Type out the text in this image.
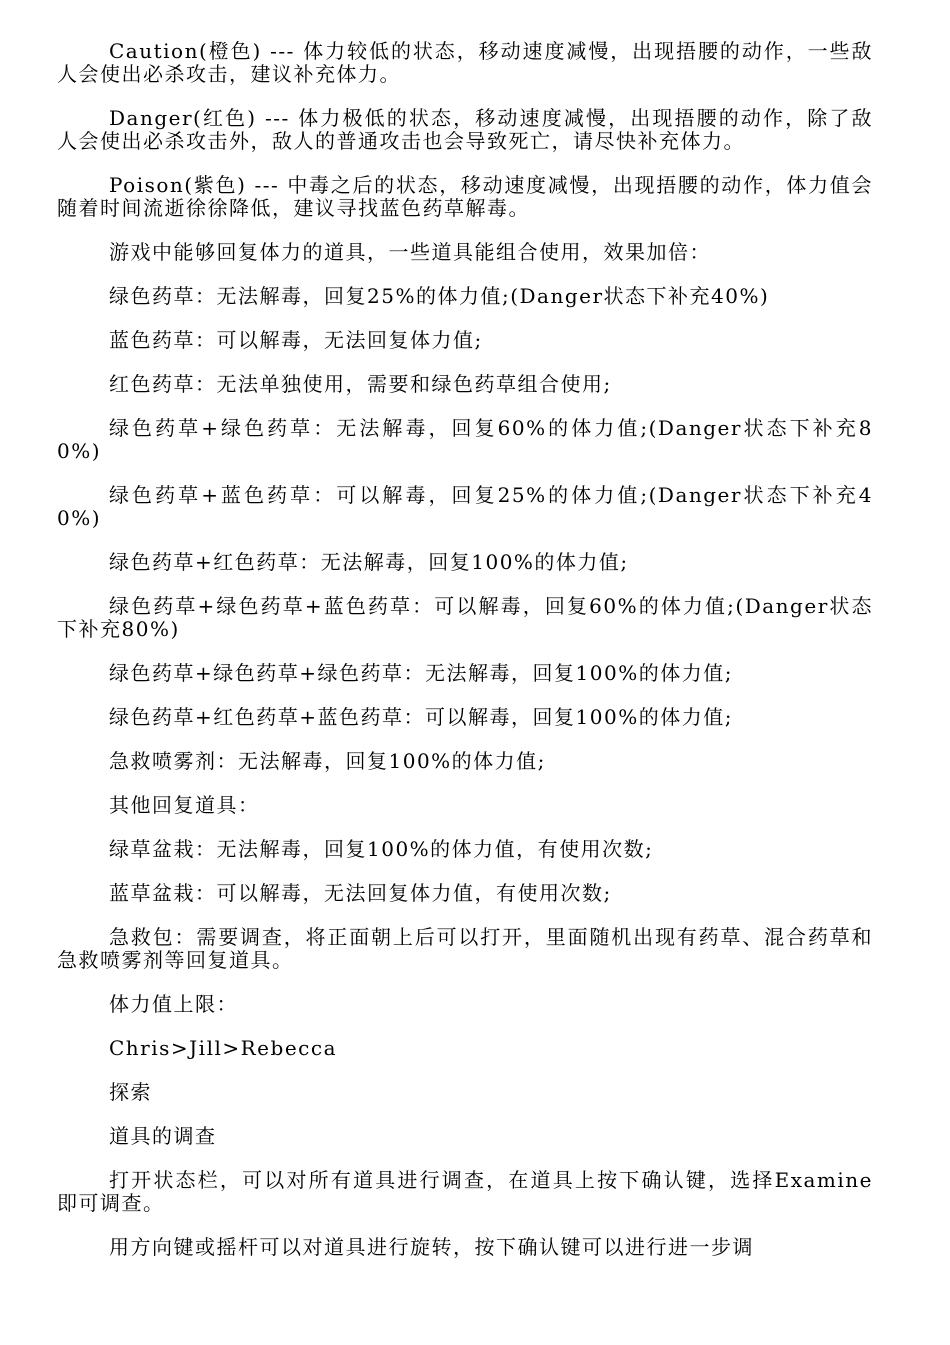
Caution(橙色) --- 体力较低的状态，移动速度减慢，出现捂腰的动作，一些敌人会使出必杀攻击，建议补充体力。

Danger(红色) --- 体力极低的状态，移动速度减慢，出现捂腰的动作，除了敌人会使出必杀攻击外，敌人的普通攻击也会导致死亡，请尽快补充体力。

Poison(紫色) --- 中毒之后的状态，移动速度减慢，出现捂腰的动作，体力值会随着时间流逝徐徐降低，建议寻找蓝色药草解毒。

游戏中能够回复体力的道具，一些道具能组合使用，效果加倍：

绿色药草：无法解毒，回复25%的体力值;(Danger状态下补充40%)

蓝色药草：可以解毒，无法回复体力值;

红色药草：无法单独使用，需要和绿色药草组合使用;

绿色药草+绿色药草：无法解毒，回复60%的体力值;(Danger状态下补充80%)

绿色药草+蓝色药草：可以解毒，回复25%的体力值;(Danger状态下补充40%)

绿色药草+红色药草：无法解毒，回复100%的体力值;

绿色药草+绿色药草+蓝色药草：可以解毒，回复60%的体力值;(Danger状态下补充80%)

绿色药草+绿色药草+绿色药草：无法解毒，回复100%的体力值;

绿色药草+红色药草+蓝色药草：可以解毒，回复100%的体力值;

急救喷雾剂：无法解毒，回复100%的体力值;

其他回复道具：

绿草盆栽：无法解毒，回复100%的体力值，有使用次数;

蓝草盆栽：可以解毒，无法回复体力值，有使用次数;

急救包：需要调查，将正面朝上后可以打开，里面随机出现有药草、混合药草和急救喷雾剂等回复道具。

体力值上限：

Chris>Jill>Rebecca

探索

道具的调查

打开状态栏，可以对所有道具进行调查，在道具上按下确认键，选择Examine即可调查。

用方向键或摇杆可以对道具进行旋转，按下确认键可以进行进一步调
